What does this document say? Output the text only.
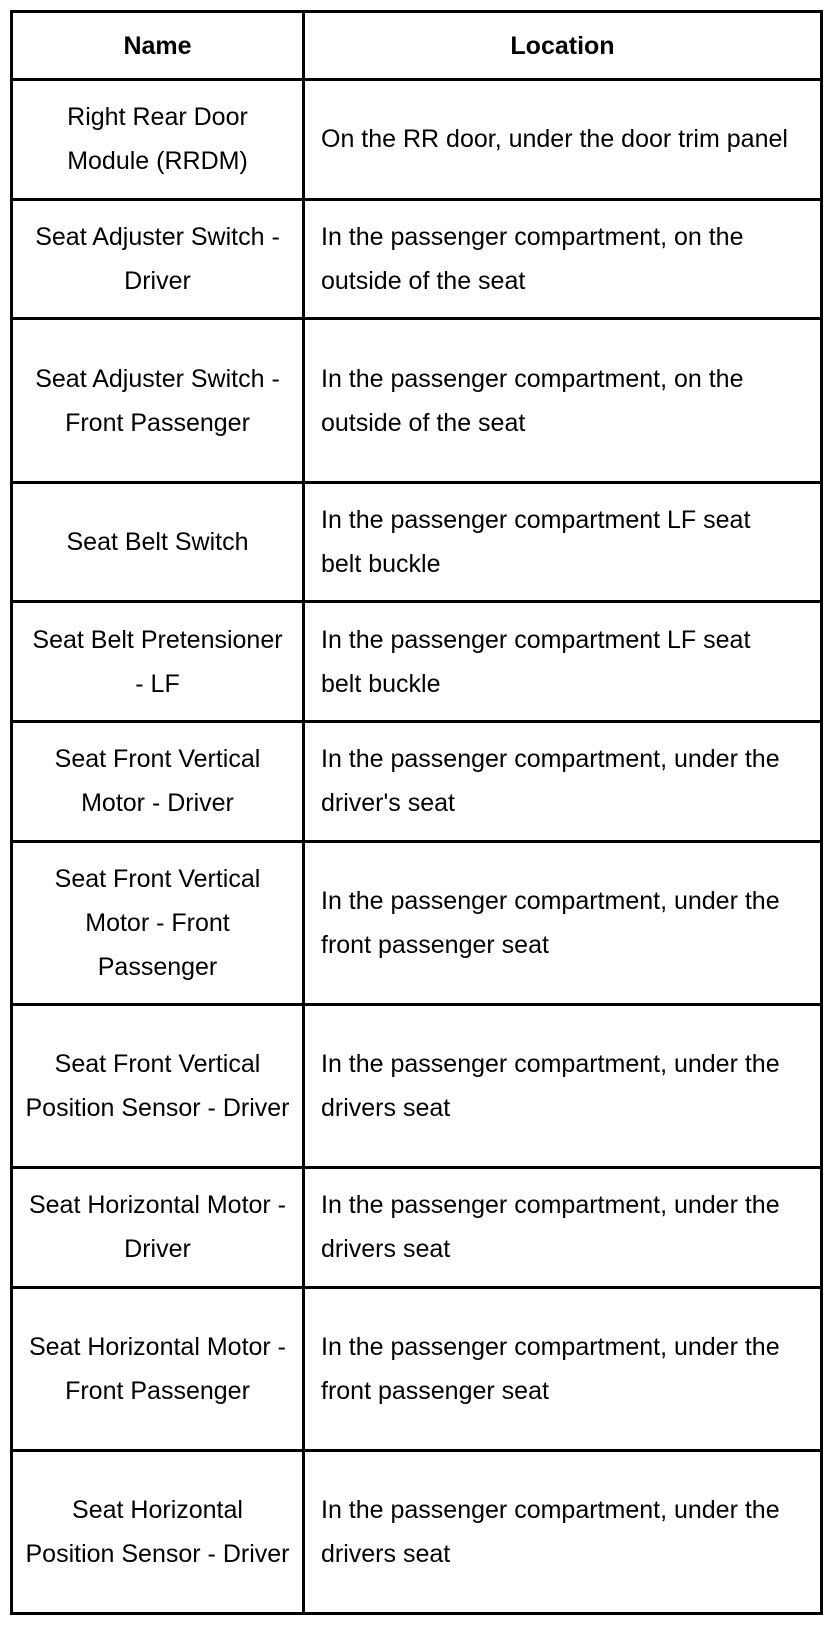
Name	Location
Right Rear Door Module (RRDM)	On the RR door, under the door trim panel
Seat Adjuster Switch - Driver	In the passenger compartment, on the outside of the seat
Seat Adjuster Switch - Front Passenger	In the passenger compartment, on the outside of the seat
Seat Belt Switch	In the passenger compartment LF seat belt buckle
Seat Belt Pretensioner - LF	In the passenger compartment LF seat belt buckle
Seat Front Vertical Motor - Driver	In the passenger compartment, under the driver's seat
Seat Front Vertical Motor - Front Passenger	In the passenger compartment, under the front passenger seat
Seat Front Vertical Position Sensor - Driver	In the passenger compartment, under the drivers seat
Seat Horizontal Motor - Driver	In the passenger compartment, under the drivers seat
Seat Horizontal Motor - Front Passenger	In the passenger compartment, under the front passenger seat
Seat Horizontal Position Sensor - Driver	In the passenger compartment, under the drivers seat
